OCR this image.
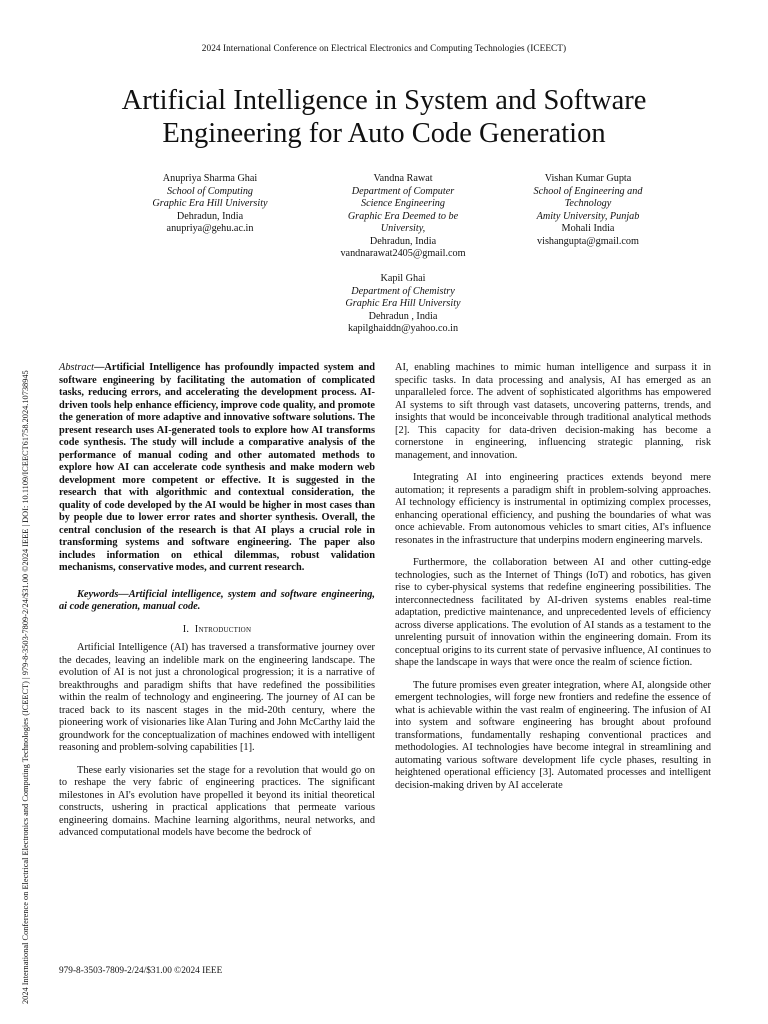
2024 International Conference on Electrical Electronics and Computing Technologies (ICEECT)
Artificial Intelligence in System and Software
Engineering for Auto Code Generation
Anupriya Sharma Ghai
School of Computing
Graphic Era Hill University
Dehradun, India
anupriya@gehu.ac.in
Vandna Rawat
Department of Computer
Science Engineering
Graphic Era Deemed to be
University,
Dehradun, India
vandnarawat2405@gmail.com
Vishan Kumar Gupta
School of Engineering and
Technology
Amity University, Punjab
Mohali India
vishangupta@gmail.com
Kapil Ghai
Department of Chemistry
Graphic Era Hill University
Dehradun , India
kapilghaiddn@yahoo.co.in
2024 International Conference on Electrical Electronics and Computing Technologies (ICEECT) | 979-8-3503-7809-2/24/$31.00 ©2024 IEEE | DOI: 10.1109/ICEECT61758.2024.10738945

Abstract—Artificial Intelligence has profoundly impacted system and software engineering by facilitating the automation of complicated tasks, reducing errors, and accelerating the development process. AI-driven tools help enhance efficiency, improve code quality, and promote the generation of more adaptive and innovative software solutions. The present research uses AI-generated tools to explore how AI transforms code synthesis. The study will include a comparative analysis of the performance of manual coding and other automated methods to explore how AI can accelerate code synthesis and make modern web development more competent or effective. It is suggested in the research that with algorithmic and contextual consideration, the quality of code developed by the AI would be higher in most cases than by people due to lower error rates and shorter synthesis. Overall, the central conclusion of the research is that AI plays a crucial role in transforming systems and software engineering. The paper also includes information on ethical dilemmas, robust validation mechanisms, conservative modes, and current research.

Keywords—Artificial intelligence, system and software engineering, ai code generation, manual code.

I. Introduction

Artificial Intelligence (AI) has traversed a transformative journey over the decades, leaving an indelible mark on the engineering landscape. The evolution of AI is not just a chronological progression; it is a narrative of breakthroughs and paradigm shifts that have redefined the possibilities within the realm of technology and engineering. The journey of AI can be traced back to its nascent stages in the mid-20th century, where the pioneering work of visionaries like Alan Turing and John McCarthy laid the groundwork for the conceptualization of machines endowed with intelligent reasoning and problem-solving capabilities [1].

These early visionaries set the stage for a revolution that would go on to reshape the very fabric of engineering practices. The significant milestones in AI's evolution have propelled it beyond its initial theoretical constructs, ushering in practical applications that permeate various engineering domains. Machine learning algorithms, neural networks, and advanced computational models have become the bedrock of

AI, enabling machines to mimic human intelligence and surpass it in specific tasks. In data processing and analysis, AI has emerged as an unparalleled force. The advent of sophisticated algorithms has empowered AI systems to sift through vast datasets, uncovering patterns, trends, and insights that would be inconceivable through traditional analytical methods [2]. This capacity for data-driven decision-making has become a cornerstone in engineering, influencing strategic planning, risk management, and innovation.

Integrating AI into engineering practices extends beyond mere automation; it represents a paradigm shift in problem-solving approaches. AI technology efficiency is instrumental in optimizing complex processes, enhancing operational efficiency, and pushing the boundaries of what was once achievable. From autonomous vehicles to smart cities, AI's influence resonates in the infrastructure that underpins modern engineering marvels.

Furthermore, the collaboration between AI and other cutting-edge technologies, such as the Internet of Things (IoT) and robotics, has given rise to cyber-physical systems that redefine engineering possibilities. The interconnectedness facilitated by AI-driven systems enables real-time adaptation, predictive maintenance, and unprecedented levels of efficiency across diverse applications. The evolution of AI stands as a testament to the unrelenting pursuit of innovation within the engineering domain. From its conceptual origins to its current state of pervasive influence, AI continues to shape the landscape in ways that were once the realm of science fiction.

The future promises even greater integration, where AI, alongside other emergent technologies, will forge new frontiers and redefine the essence of what is achievable within the vast realm of engineering. The infusion of AI into system and software engineering has brought about profound transformations, fundamentally reshaping conventional practices and methodologies. AI technologies have become integral in streamlining and automating various software development life cycle phases, resulting in heightened operational efficiency [3]. Automated processes and intelligent decision-making driven by AI accelerate

979-8-3503-7809-2/24/$31.00 ©2024 IEEE
